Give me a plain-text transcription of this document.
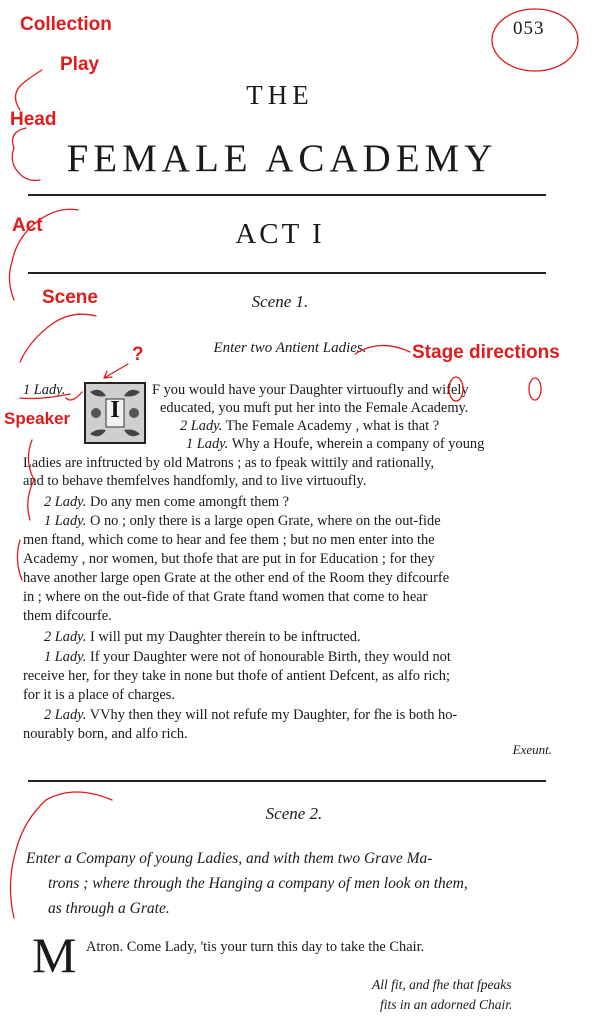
053
THE
FEMALE ACADEMY
ACT I
Scene 1.
Enter two Antient Ladies.
I
1 Lady.	F you would have your Daughter virtuoufly and wifely
educated, you muft put her into the Female Academy.
2 Lady. The Female Academy , what is that ?
1 Lady. Why a Houfe, wherein a company of young
Ladies are inftructed by old Matrons ; as to fpeak wittily and rationally,
and to behave themfelves handfomly, and to live virtuoufly.
2 Lady. Do any men come amongft them ?
1 Lady. O no ; only there is a large open Grate, where on the out-fide
men ftand, which come to hear and fee them ; but no men enter into the
Academy , nor women, but thofe that are put in for Education ; for they
have another large open Grate at the other end of the Room they difcourfe
in ; where on the out-fide of that Grate ftand women that come to hear
them difcourfe.
2 Lady. I will put my Daughter therein to be inftructed.
1 Lady. If your Daughter were not of honourable Birth, they would not
receive her, for they take in none but thofe of antient Defcent, as alfo rich;
for it is a place of charges.
2 Lady. VVhy then they will not refufe my Daughter, for fhe is both ho-
nourably born, and alfo rich.
Exeunt.
Scene 2.
Enter a Company of young Ladies, and with them two Grave Ma-
trons ; where through the Hanging a company of men look on them,
as through a Grate.
M Atron. Come Lady, 'tis your turn this day to take the Chair.
All fit, and fhe that fpeaks
fits in an adorned Chair.
Collection
Play
Head
Act
Scene
?	Stage directions
Speaker
